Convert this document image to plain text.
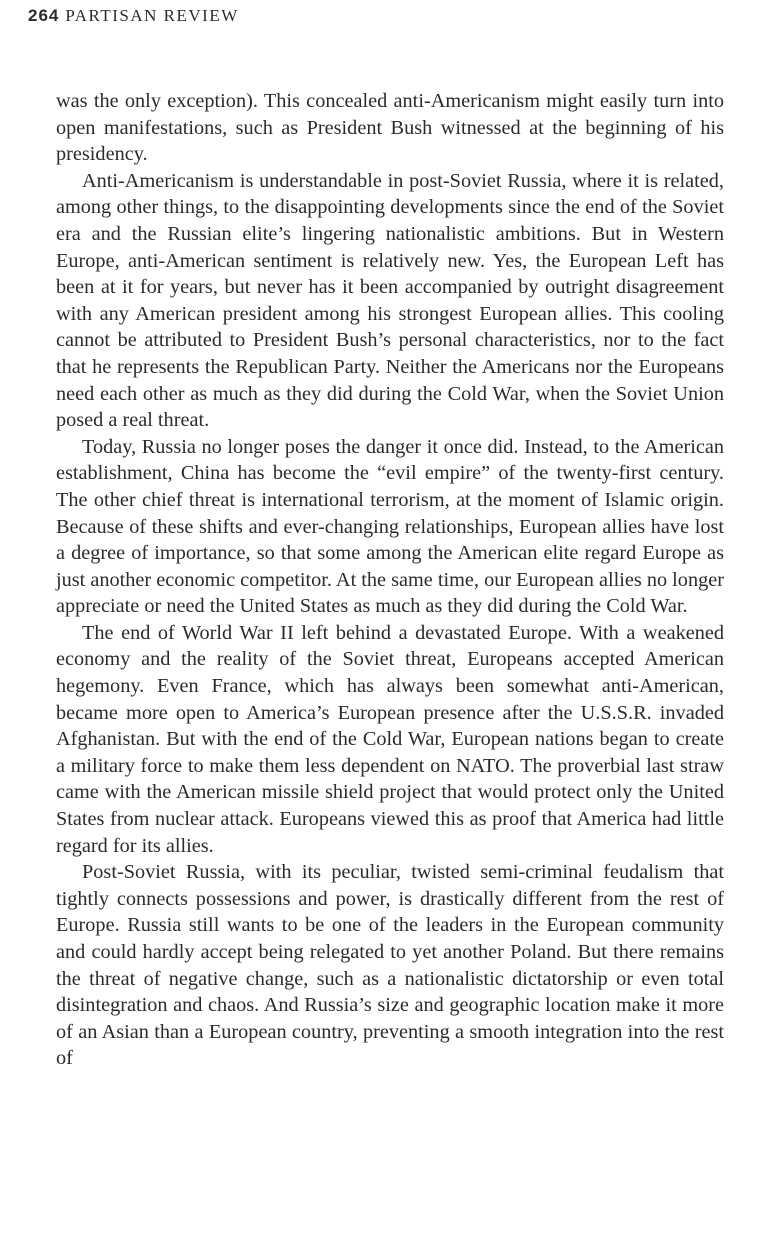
264 PARTISAN REVIEW

was the only exception). This concealed anti-Americanism might easily turn into open manifestations, such as President Bush witnessed at the beginning of his presidency.

Anti-Americanism is understandable in post-Soviet Russia, where it is related, among other things, to the disappointing developments since the end of the Soviet era and the Russian elite’s lingering nationalistic ambitions. But in Western Europe, anti-American sentiment is relatively new. Yes, the European Left has been at it for years, but never has it been accompanied by outright disagreement with any American president among his strongest European allies. This cooling cannot be attributed to President Bush’s personal characteristics, nor to the fact that he represents the Republican Party. Neither the Americans nor the Europeans need each other as much as they did during the Cold War, when the Soviet Union posed a real threat.

Today, Russia no longer poses the danger it once did. Instead, to the American establishment, China has become the “evil empire” of the twenty-first century. The other chief threat is international terrorism, at the moment of Islamic origin. Because of these shifts and ever-changing relationships, European allies have lost a degree of importance, so that some among the American elite regard Europe as just another economic competitor. At the same time, our European allies no longer appreciate or need the United States as much as they did during the Cold War.

The end of World War II left behind a devastated Europe. With a weakened economy and the reality of the Soviet threat, Europeans accepted American hegemony. Even France, which has always been somewhat anti-American, became more open to America’s European presence after the U.S.S.R. invaded Afghanistan. But with the end of the Cold War, European nations began to create a military force to make them less dependent on NATO. The proverbial last straw came with the American missile shield project that would protect only the United States from nuclear attack. Europeans viewed this as proof that America had little regard for its allies.

Post-Soviet Russia, with its peculiar, twisted semi-criminal feudalism that tightly connects possessions and power, is drastically different from the rest of Europe. Russia still wants to be one of the leaders in the European community and could hardly accept being relegated to yet another Poland. But there remains the threat of negative change, such as a nationalistic dictatorship or even total disintegration and chaos. And Russia’s size and geographic location make it more of an Asian than a European country, preventing a smooth integration into the rest of
